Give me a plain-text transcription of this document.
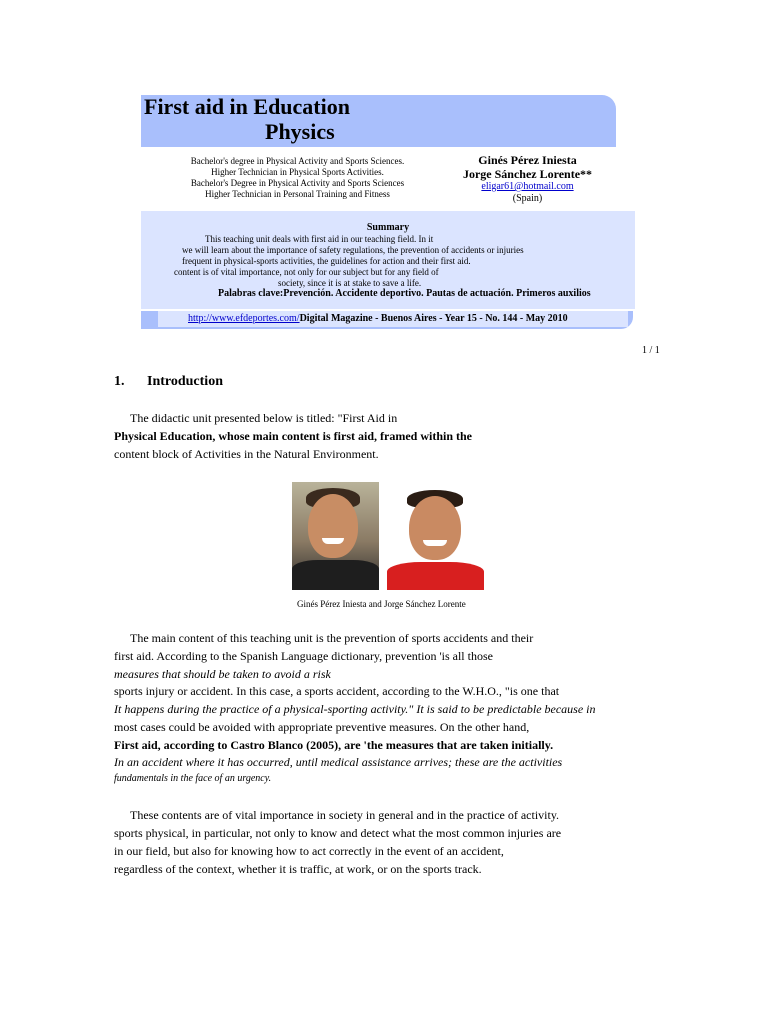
First aid in Education
Physics
Bachelor's degree in Physical Activity and Sports Sciences.
Higher Technician in Physical Sports Activities.
Bachelor's Degree in Physical Activity and Sports Sciences
Higher Technician in Personal Training and Fitness
Ginés Pérez Iniesta
Jorge Sánchez Lorente**
eligar61@hotmail.com
(Spain)
Summary
This teaching unit deals with first aid in our teaching field. In it
we will learn about the importance of safety regulations, the prevention of accidents or injuries
frequent in physical-sports activities, the guidelines for action and their first aid.
content is of vital importance, not only for our subject but for any field of
society, since it is at stake to save a life.
Palabras clave:Prevención. Accidente deportivo. Pautas de actuación. Primeros auxilios
http://www.efdeportes.com/Digital Magazine - Buenos Aires - Year 15 - No. 144 - May 2010
1 / 1
1. Introduction
The didactic unit presented below is titled: "First Aid in
Physical Education, whose main content is first aid, framed within the
content block of Activities in the Natural Environment.
Ginés Pérez Iniesta and Jorge Sánchez Lorente
The main content of this teaching unit is the prevention of sports accidents and their
first aid. According to the Spanish Language dictionary, prevention 'is all those
measures that should be taken to avoid a risk
sports injury or accident. In this case, a sports accident, according to the W.H.O., "is one that
It happens during the practice of a physical-sporting activity." It is said to be predictable because in
most cases could be avoided with appropriate preventive measures. On the other hand,
First aid, according to Castro Blanco (2005), are 'the measures that are taken initially.
In an accident where it has occurred, until medical assistance arrives; these are the activities
fundamentals in the face of an urgency.
These contents are of vital importance in society in general and in the practice of activity.
sports physical, in particular, not only to know and detect what the most common injuries are
in our field, but also for knowing how to act correctly in the event of an accident,
regardless of the context, whether it is traffic, at work, or on the sports track.
